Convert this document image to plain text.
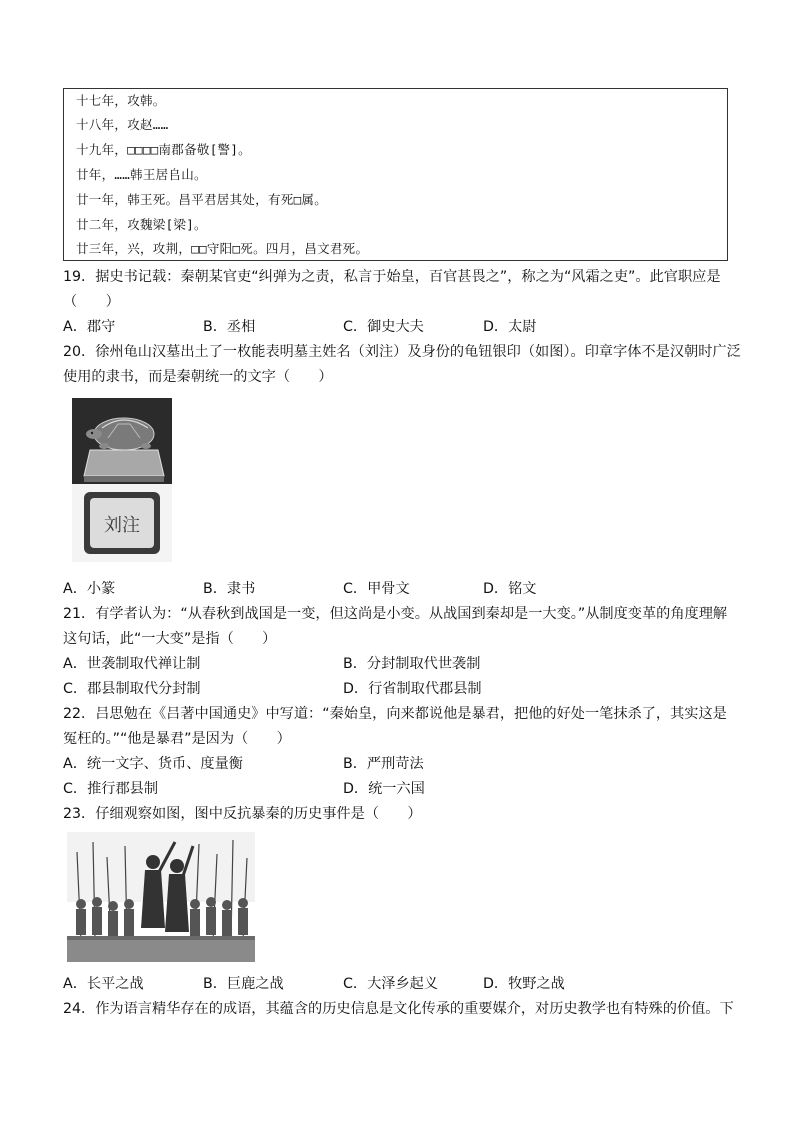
十七年，攻韩。
十八年，攻赵……
十九年，□□□□南郡备敬[警]。
廿年，……韩王居𠂤山。
廿一年，韩王死。昌平君居其处，有死□属。
廿二年，攻魏梁[梁]。
廿三年，兴，攻荆，□□守阳□死。四月，昌文君死。
19．据史书记载：秦朝某官吏“纠弹为之责，私言于始皇，百官甚畏之”，称之为“风霜之吏”。此官职应是
（　　）
A．郡守	B．丞相	C．御史大夫	D．太尉
20．徐州龟山汉墓出土了一枚能表明墓主姓名（刘注）及身份的龟钮银印（如图）。印章字体不是汉朝时广泛
使用的隶书，而是秦朝统一的文字（　　）
刘注
A．小篆	B．隶书	C．甲骨文	D．铭文
21．有学者认为：“从春秋到战国是一变，但这尚是小变。从战国到秦却是一大变。”从制度变革的角度理解
这句话，此“一大变”是指（　　）
A．世袭制取代禅让制	B．分封制取代世袭制
C．郡县制取代分封制	D．行省制取代郡县制
22．吕思勉在《吕著中国通史》中写道：“秦始皇，向来都说他是暴君，把他的好处一笔抹杀了，其实这是
冤枉的。”“他是暴君”是因为（　　）
A．统一文字、货币、度量衡	B．严刑苛法
C．推行郡县制	D．统一六国
23．仔细观察如图，图中反抗暴秦的历史事件是（　　）
A．长平之战	B．巨鹿之战	C．大泽乡起义	D．牧野之战
24．作为语言精华存在的成语，其蕴含的历史信息是文化传承的重要媒介，对历史教学也有特殊的价值。下
